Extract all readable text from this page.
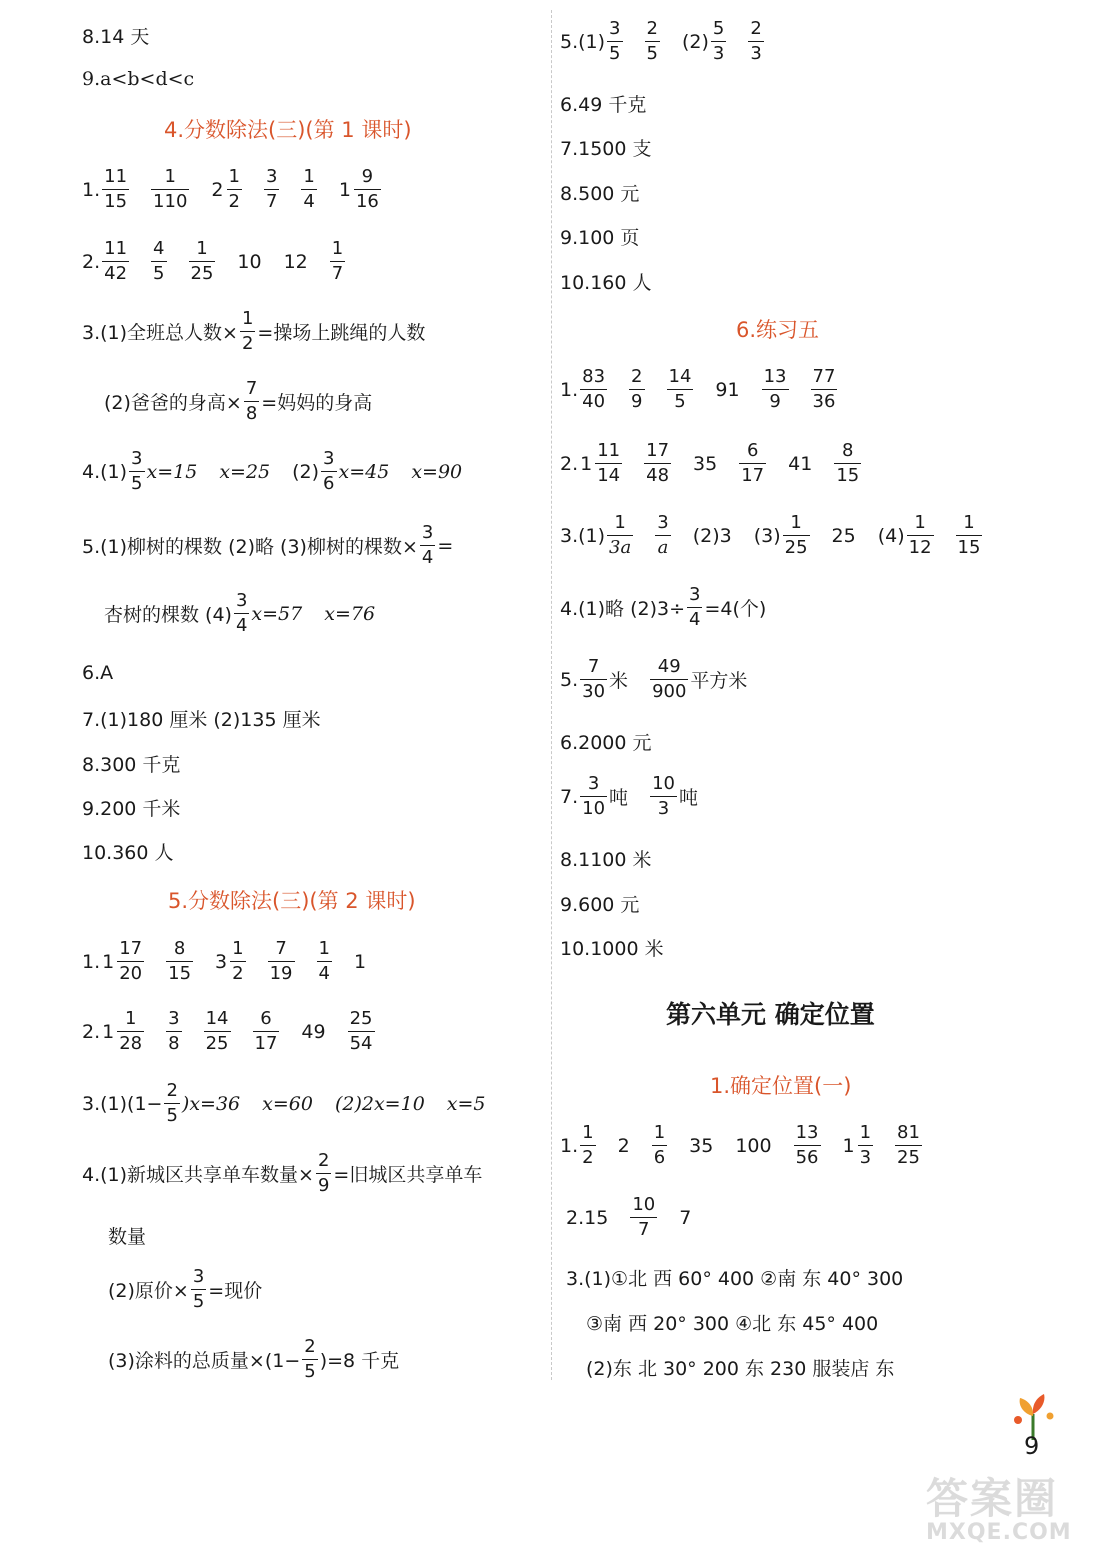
8.14 天
9.a<b<d<c
4.分数除法(三)(第 1 课时)
1. $\frac{11}{15} \frac{1}{110} 2 \frac{1}{2} \frac{3}{7} \frac{1}{4} 1 \frac{9}{16}$
2. $\frac{11}{42} \frac{4}{5} \frac{1}{25} 10$ $12 \frac{1}{7}$
3.(1)全班总人数× $\frac{1}{2}$ =操场上跳绳的人数
(2)爸爸的身高× $\frac{7}{8}$ =妈妈的身高
$4.(1) \frac{3}{5} x=15$ x=25 $(2) \frac{3}{6} x=45$ x=90
5.(1)柳树的棵数 (2)略 (3)柳树的棵数× $\frac{3}{4}$ =
杏树的棵数 $(4) \frac{3}{4} x=57$ x=76
6.A
7.(1)180 厘米 (2)135 厘米
8.300 千克
9.200 千米
10.360 人
5.分数除法(三)(第 2 课时)
1. $1 \frac{17}{20} \frac{8}{15} 3 \frac{1}{2} \frac{7}{19} \frac{1}{4} 1$
2. $1 \frac{1}{28} \frac{3}{8} \frac{14}{25} \frac{6}{17} 49 \frac{25}{54}$
$3.(1)(1- \frac{2}{5} )x=36$ x=60 (2)2x=10 x=5
4.(1)新城区共享单车数量× $\frac{2}{9}$ =旧城区共享单车
数量
(2)原价× $\frac{3}{5}$ =现价
(3)涂料的总质量$\times(1- \frac{2}{5} )=8$ 千克
$5.(1) \frac{3}{5} \frac{2}{5} (2) \frac{5}{3} \frac{2}{3}$
6.49 千克
7.1500 支
8.500 元
9.100 页
10.160 人
6.练习五
1. $\frac{83}{40} \frac{2}{9} \frac{14}{5} 91 \frac{13}{9} \frac{77}{36}$
2. $1 \frac{11}{14} \frac{17}{48} 35 \frac{6}{17} 41 \frac{8}{15}$
$3.(1) \frac{1}{3a} \frac{3}{a} (2)3$ $(3) \frac{1}{25} 25$ $(4) \frac{1}{12} \frac{1}{15}$
4.(1)略 $(2)3\div \frac{3}{4} =4$(个)
5. $\frac{7}{30}$ 米 $\frac{49}{900}$ 平方米
6.2000 元
7. $\frac{3}{10}$ 吨 $\frac{10}{3}$ 吨
8.1100 米
9.600 元
10.1000 米
第六单元 确定位置
1.确定位置(一)
1. $\frac{1}{2} 2 \frac{1}{6} 35$ $100 \frac{13}{56} 1 \frac{1}{3} \frac{81}{25}$
$2.15 \frac{10}{7} 7$
3.(1)①北 西 60° 400 ②南 东 40° 300
③南 西 20° 300 ④北 东 45° 400
(2)东 北 30° 200 东 230 服装店 东
9
答案圈
MXQE.COM
